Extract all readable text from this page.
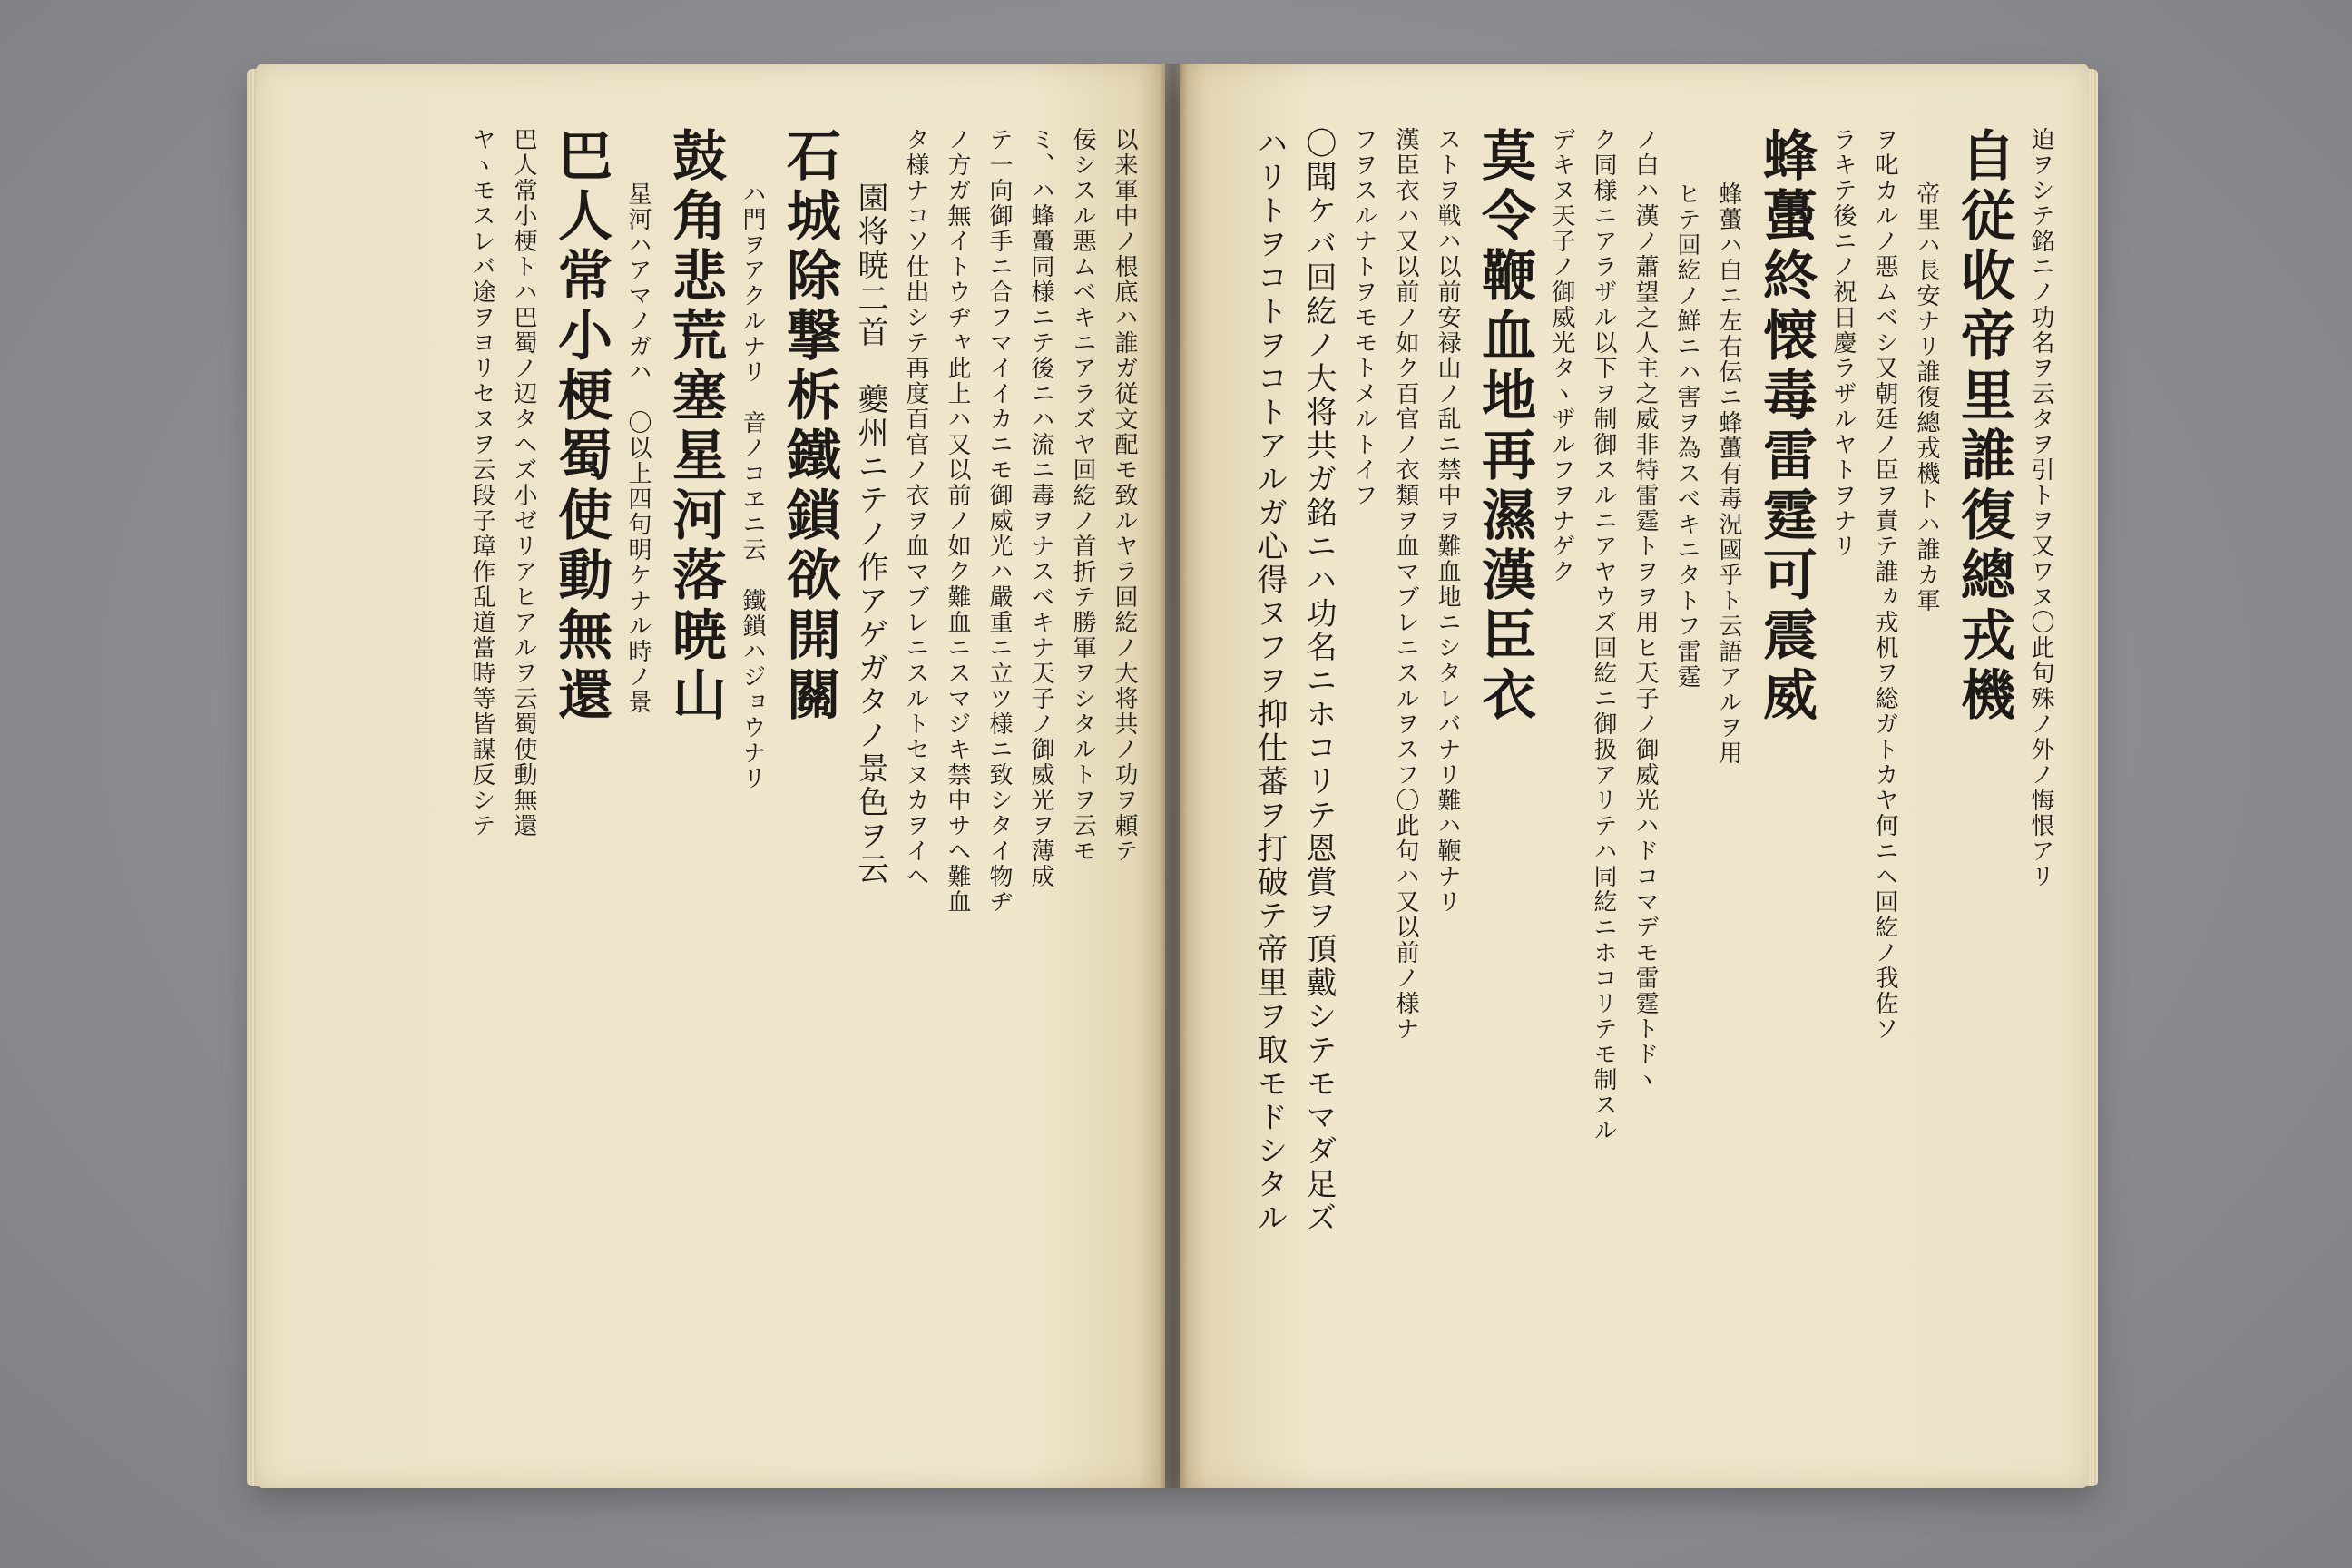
以来軍中ノ根底ハ誰ガ従文配モ致ルヤラ回紇ノ大将共ノ功ヲ頼テ
佞シスル悪ムベキニアラズヤ回紇ノ首折テ勝軍ヲシタルトヲ云モ
ミ、ハ蜂蠆同様ニテ後ニハ流ニ毒ヲナスベキナ天子ノ御威光ヲ薄成
テ一向御手ニ合フマイイカニモ御威光ハ嚴重ニ立ツ様ニ致シタイ物ヂ
ノ方ガ無イトウヂャ此上ハ又以前ノ如ク難血ニスマジキ禁中サヘ難血
タ様ナコソ仕出シテ再度百官ノ衣ヲ血マブレニスルトセヌカヲイヘ
園将暁二首　夔州ニテノ作アゲガタノ景色ヲ云
石城除撃柝鐵鎖欲開關
ハ門ヲアクルナリ　音ノコヱニ云　鐵鎖ハジョウナリ
鼓角悲荒塞星河落暁山
星河ハアマノガハ　〇以上四句明ケナル時ノ景
巴人常小梗蜀使動無還
巴人常小梗トハ巴蜀ノ辺タヘズ小ゼリアヒアルヲ云蜀使動無還
ヤヽモスレバ途ヲヨリセヌヲ云段子璋作乱道當時等皆謀反シテ	迫ヲシテ銘ニノ功名ヲ云タヲ引トヲ又ワヌ〇此句殊ノ外ノ悔恨アリ
自従收帝里誰復總戎機
帝里ハ長安ナリ誰復總戎機トハ誰カ軍
ヲ叱カルノ悪ムベシ又朝廷ノ臣ヲ責テ誰ヵ戎机ヲ総ガトカヤ何ニヘ回紇ノ我佐ソ
ラキテ後ニノ祝日慶ラザルヤトヲナリ
蜂蠆終懐毒雷霆可震威
蜂蠆ハ白ニ左右伝ニ蜂蠆有毒況國乎ト云語アルヲ用
ヒテ回紇ノ鮮ニハ害ヲ為スベキニタトフ雷霆
ノ白ハ漢ノ蕭望之人主之威非特雷霆トヲヲ用ヒ天子ノ御威光ハドコマデモ雷霆トドヽ
ク同様ニアラザル以下ヲ制御スルニアヤウズ回紇ニ御扱アリテハ同紇ニホコリテモ制スル
デキヌ天子ノ御威光タヽザルフヲナゲク
莫令鞭血地再濕漢臣衣
ストヲ戦ハ以前安禄山ノ乱ニ禁中ヲ難血地ニシタレバナリ難ハ鞭ナリ
漢臣衣ハ又以前ノ如ク百官ノ衣類ヲ血マブレニスルヲスフ〇此句ハ又以前ノ様ナ
フヲスルナトヲモモトメルトイフ
〇聞ケバ回紇ノ大将共ガ銘ニハ功名ニホコリテ恩賞ヲ頂戴シテモマダ足ズ
ハリトヲコトヲコトアルガ心得ヌフヲ抑仕蕃ヲ打破テ帝里ヲ取モドシタル
